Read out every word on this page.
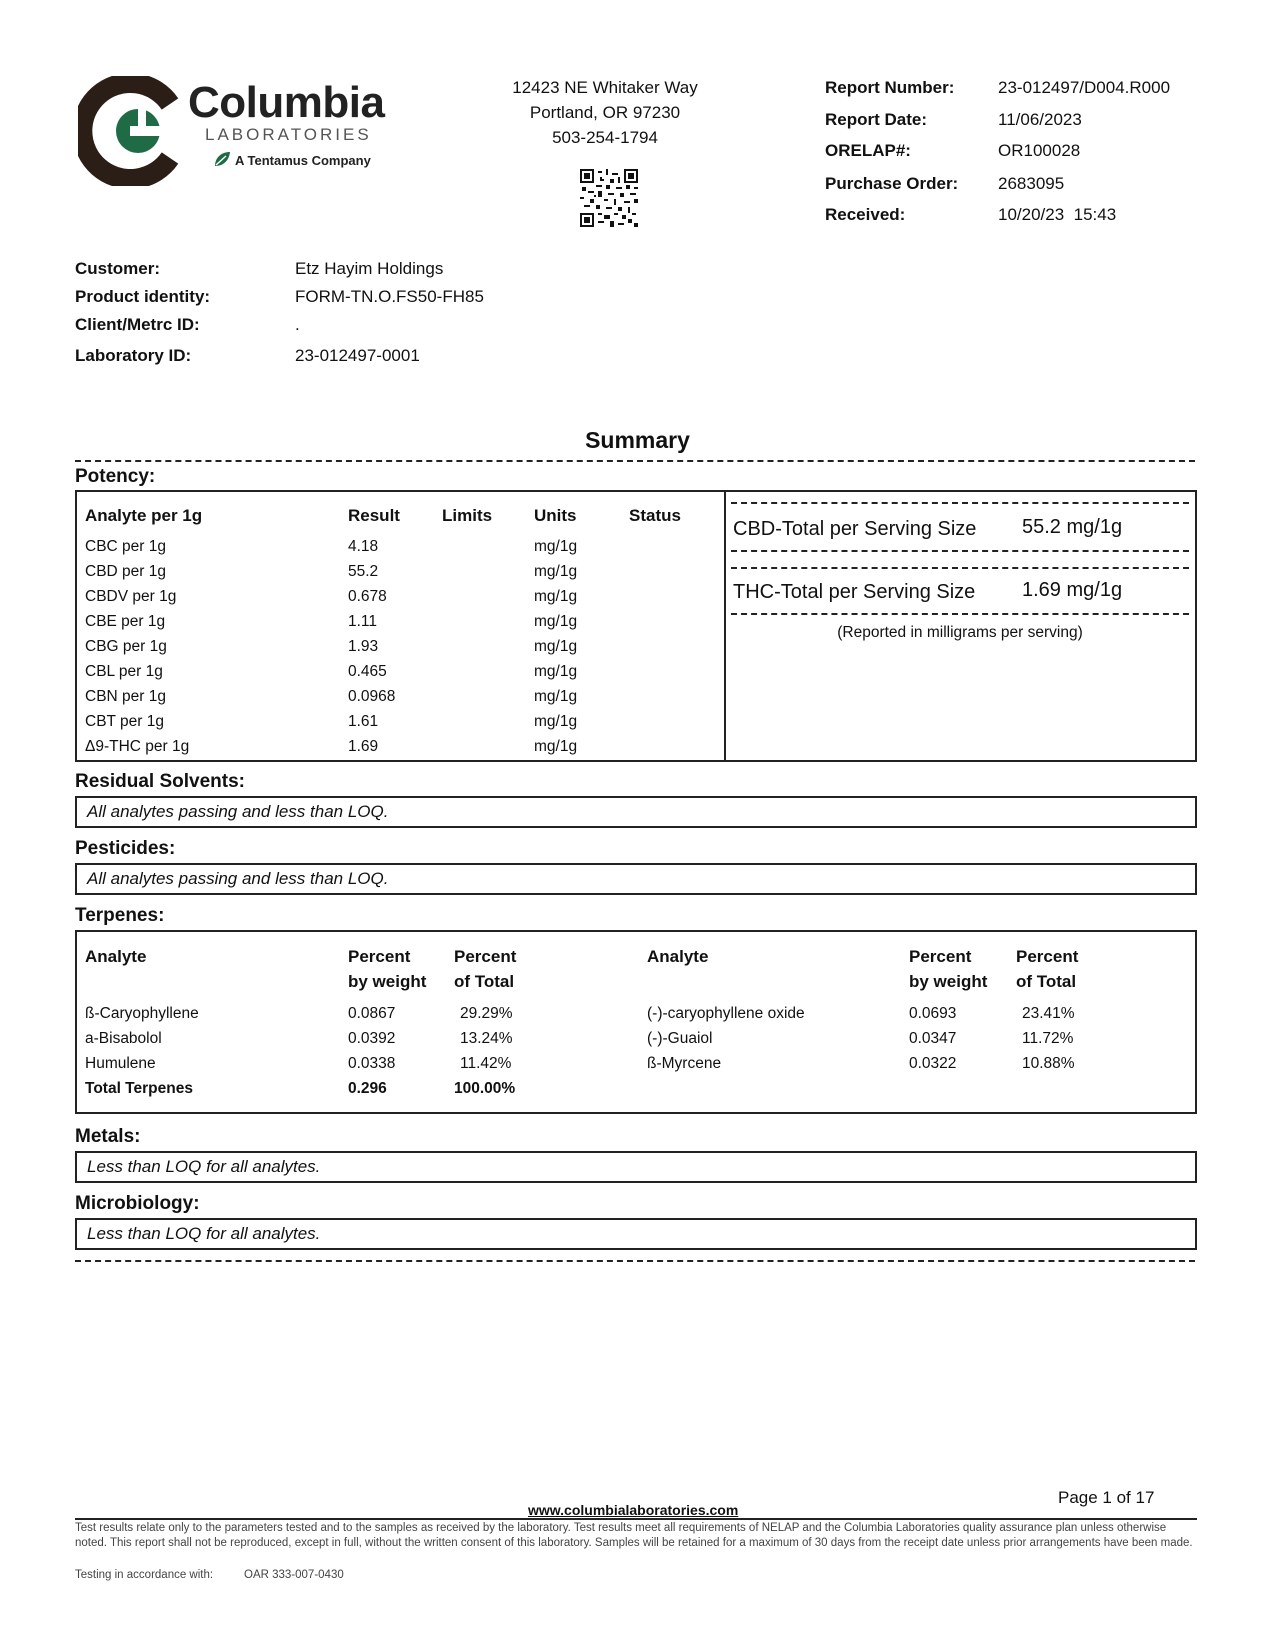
Columbia
LABORATORIES
A Tentamus Company
12423 NE Whitaker Way
Portland, OR 97230
503-254-1794
Report Number:	23-012497/D004.R000
Report Date:	11/06/2023
ORELAP#:	OR100028
Purchase Order: 2683095
Received:	10/20/23  15:43
Customer:	Etz Hayim Holdings
Product identity:	FORM-TN.O.FS50-FH85
Client/Metrc ID:	.
Laboratory ID:	23-012497-0001
Summary
Potency:
Analyte per 1g	Result Limits Units	Status
CBC per 1g	4.18	mg/1g
CBD per 1g	55.2	mg/1g
CBDV per 1g	0.678	mg/1g
CBE per 1g	1.11	mg/1g
CBG per 1g	1.93	mg/1g
CBL per 1g	0.465	mg/1g
CBN per 1g	0.0968	mg/1g
CBT per 1g	1.61	mg/1g
Δ9-THC per 1g	1.69	mg/1g
CBD-Total per Serving Size 55.2 mg/1g
THC-Total per Serving Size 1.69 mg/1g
(Reported in milligrams per serving)
Residual Solvents:
All analytes passing and less than LOQ.
Pesticides:
All analytes passing and less than LOQ.
Terpenes:
Analyte	Percent
by weight
Percent
of Total
Analyte	Percent
by weight
Percent
of Total
ß-Caryophyllene	0.0867	29.29%
a-Bisabolol	0.0392	13.24%
Humulene	0.0338	11.42%
Total Terpenes	0.296	100.00%
(-)-caryophyllene oxide	0.0693	23.41%
(-)-Guaiol	0.0347	11.72%
ß-Myrcene	0.0322	10.88%
Metals:
Less than LOQ for all analytes.
Microbiology:
Less than LOQ for all analytes.
Page 1 of 17
www.columbialaboratories.com
Test results relate only to the parameters tested and to the samples as received by the laboratory. Test results meet all requirements of NELAP and the Columbia Laboratories quality assurance plan unless otherwise noted. This report shall not be reproduced, except in full, without the written consent of this laboratory. Samples will be retained for a maximum of 30 days from the receipt date unless prior arrangements have been made.
Testing in accordance with:	OAR 333-007-0430
